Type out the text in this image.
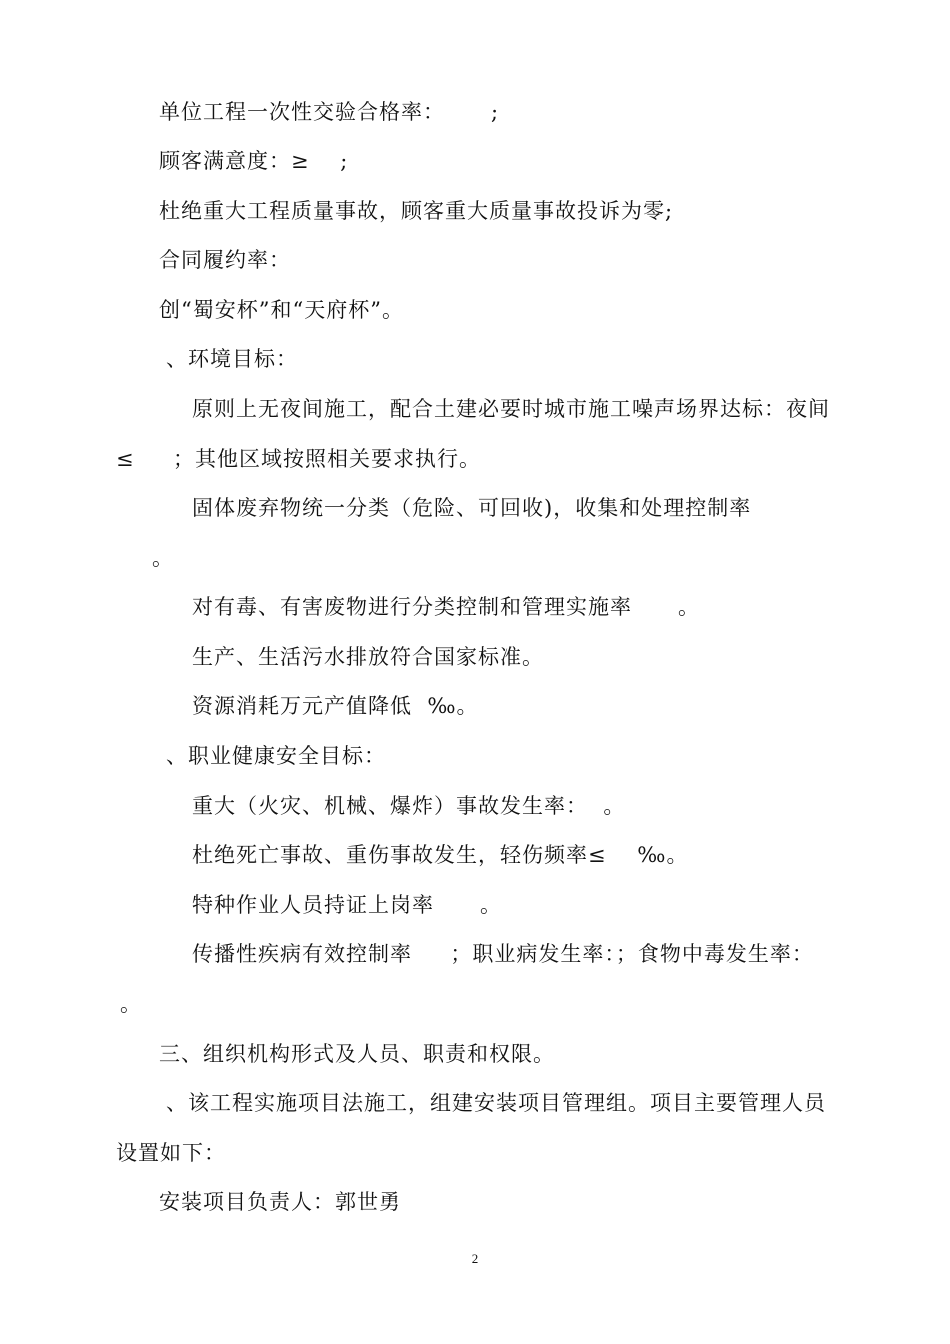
单位工程一次性交验合格率：      ;
顾客满意度：≥    ;
杜绝重大工程质量事故，顾客重大质量事故投诉为零;
合同履约率：
创“蜀安杯”和“天府杯”。
、环境目标：
原则上无夜间施工，配合土建必要时城市施工噪声场界达标：夜间
≤     ；其他区域按照相关要求执行。
固体废弃物统一分类（危险、可回收)，收集和处理控制率
。
对有毒、有害废物进行分类控制和管理实施率      。
生产、生活污水排放符合国家标准。
资源消耗万元产值降低  ‰。
、职业健康安全目标：
重大（火灾、机械、爆炸）事故发生率：  。
杜绝死亡事故、重伤事故发生，轻伤频率≤    ‰。
特种作业人员持证上岗率      。
传播性疾病有效控制率     ；职业病发生率：；食物中毒发生率：
。
三、组织机构形式及人员、职责和权限。
、该工程实施项目法施工，组建安装项目管理组。项目主要管理人员
设置如下：
安装项目负责人：郭世勇
2
